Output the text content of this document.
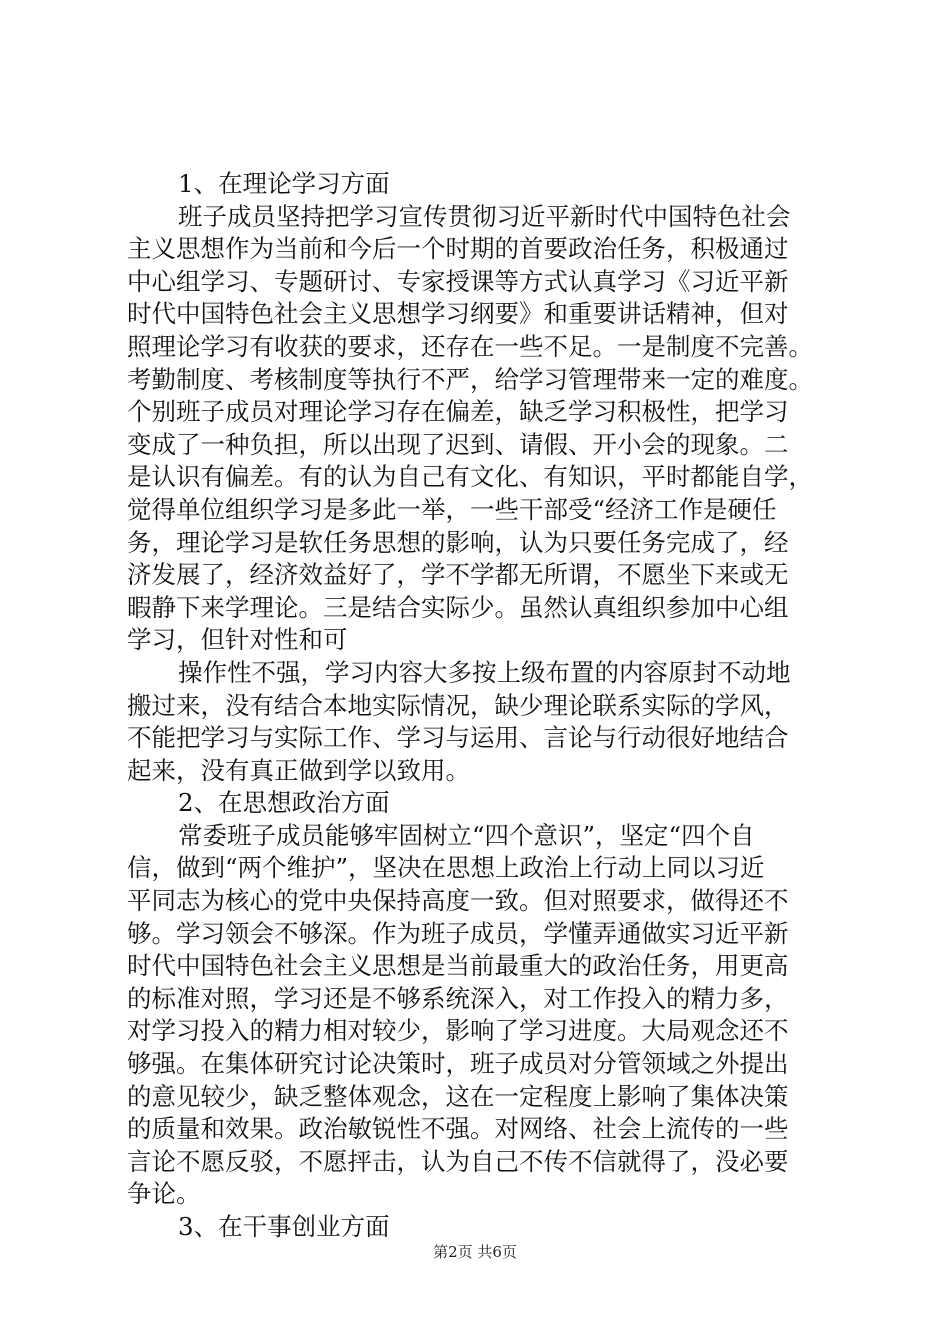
1、在理论学习方面
班子成员坚持把学习宣传贯彻习近平新时代中国特色社会
主义思想作为当前和今后一个时期的首要政治任务，积极通过
中心组学习、专题研讨、专家授课等方式认真学习《习近平新
时代中国特色社会主义思想学习纲要》和重要讲话精神，但对
照理论学习有收获的要求，还存在一些不足。一是制度不完善。
考勤制度、考核制度等执行不严，给学习管理带来一定的难度。
个别班子成员对理论学习存在偏差，缺乏学习积极性，把学习
变成了一种负担，所以出现了迟到、请假、开小会的现象。二
是认识有偏差。有的认为自己有文化、有知识，平时都能自学，
觉得单位组织学习是多此一举，一些干部受“经济工作是硬任
务，理论学习是软任务思想的影响，认为只要任务完成了，经
济发展了，经济效益好了，学不学都无所谓，不愿坐下来或无
暇静下来学理论。三是结合实际少。虽然认真组织参加中心组
学习，但针对性和可
操作性不强，学习内容大多按上级布置的内容原封不动地
搬过来，没有结合本地实际情况，缺少理论联系实际的学风，
不能把学习与实际工作、学习与运用、言论与行动很好地结合
起来，没有真正做到学以致用。
2、在思想政治方面
常委班子成员能够牢固树立“四个意识”，坚定“四个自
信，做到“两个维护”，坚决在思想上政治上行动上同以习近
平同志为核心的党中央保持高度一致。但对照要求，做得还不
够。学习领会不够深。作为班子成员，学懂弄通做实习近平新
时代中国特色社会主义思想是当前最重大的政治任务，用更高
的标准对照，学习还是不够系统深入，对工作投入的精力多，
对学习投入的精力相对较少，影响了学习进度。大局观念还不
够强。在集体研究讨论决策时，班子成员对分管领域之外提出
的意见较少，缺乏整体观念，这在一定程度上影响了集体决策
的质量和效果。政治敏锐性不强。对网络、社会上流传的一些
言论不愿反驳，不愿抨击，认为自己不传不信就得了，没必要
争论。
3、在干事创业方面
第2页 共6页
